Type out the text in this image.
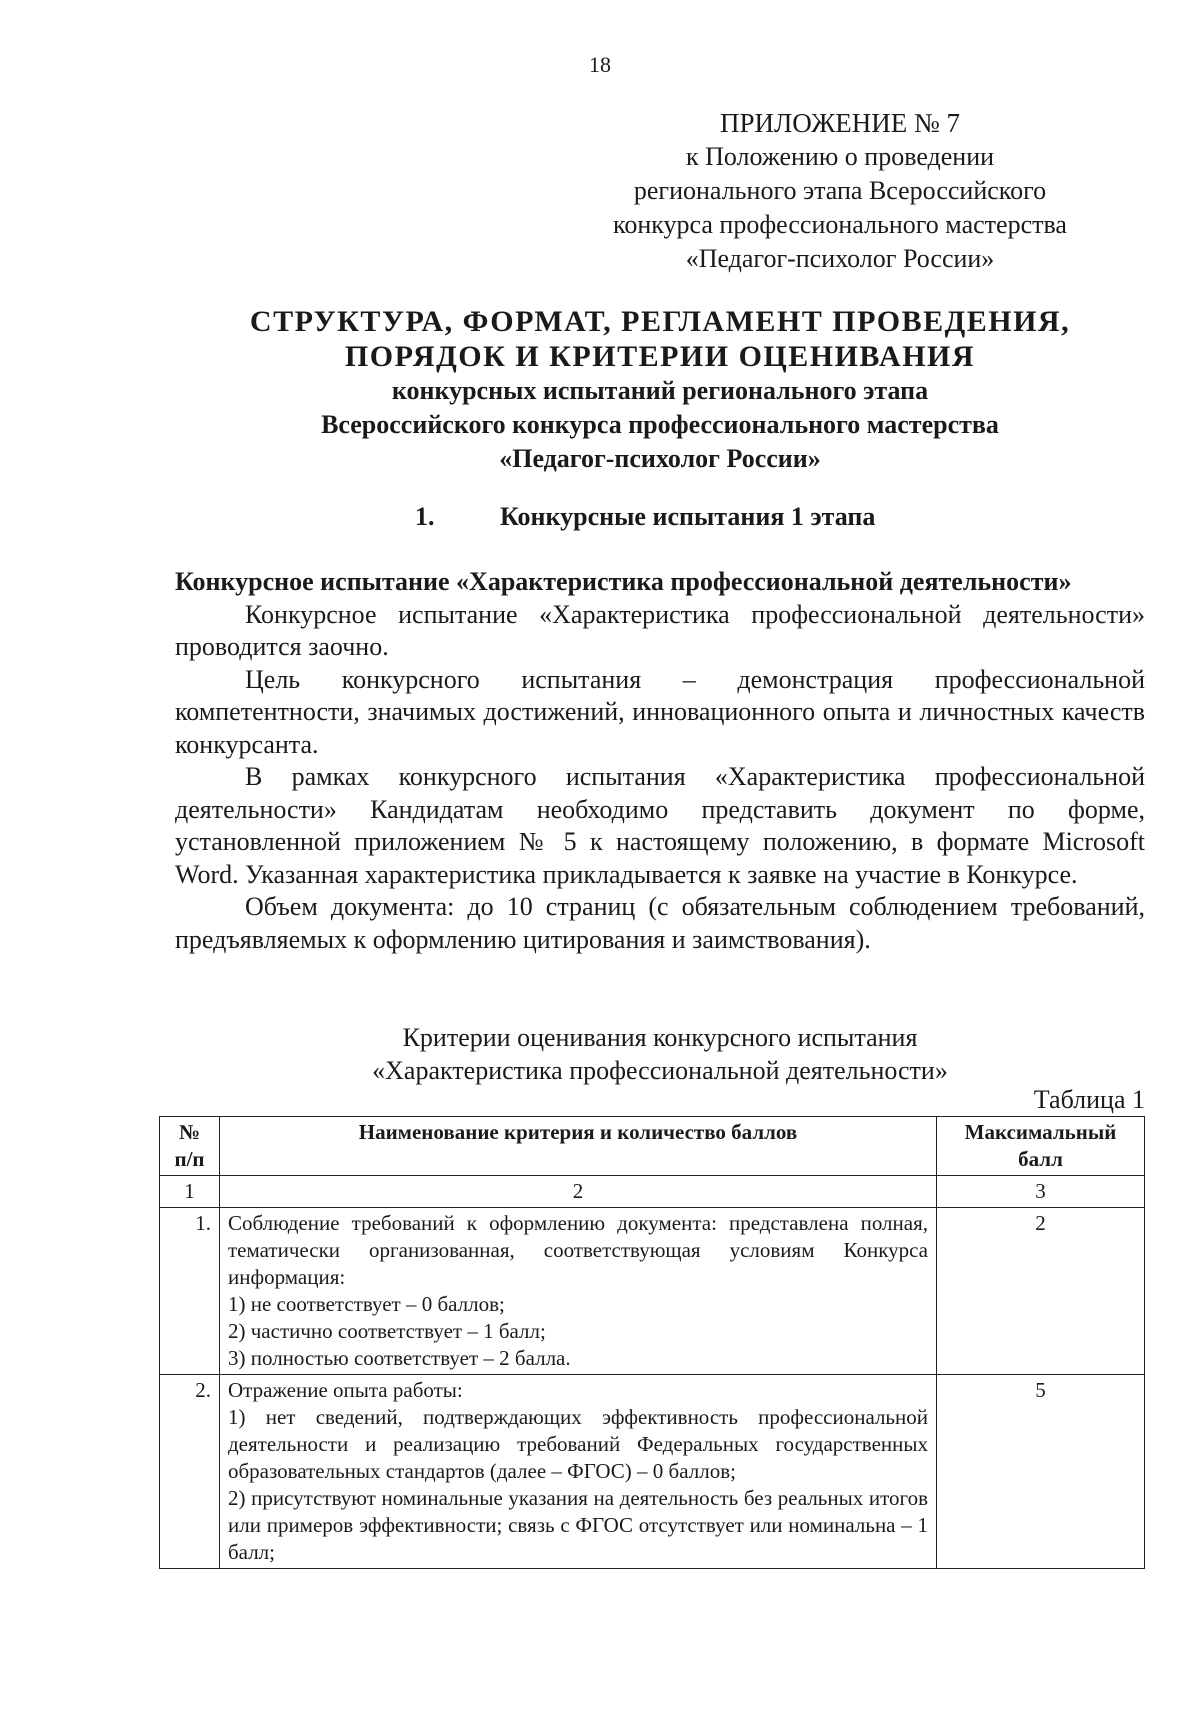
18
ПРИЛОЖЕНИЕ № 7
к Положению о проведении
регионального этапа Всероссийского
конкурса профессионального мастерства
«Педагог-психолог России»
СТРУКТУРА, ФОРМАТ, РЕГЛАМЕНТ ПРОВЕДЕНИЯ,
ПОРЯДОК И КРИТЕРИИ ОЦЕНИВАНИЯ
конкурсных испытаний регионального этапа
Всероссийского конкурса профессионального мастерства
«Педагог-психолог России»
1.	Конкурсные испытания 1 этапа
Конкурсное испытание «Характеристика профессиональной деятельности»

Конкурсное испытание «Характеристика профессиональной деятельности» проводится заочно.

Цель конкурсного испытания – демонстрация профессиональной компетентности, значимых достижений, инновационного опыта и личностных качеств конкурсанта.

В рамках конкурсного испытания «Характеристика профессиональной деятельности» Кандидатам необходимо представить документ по форме, установленной приложением № 5 к настоящему положению, в формате Microsoft Word. Указанная характеристика прикладывается к заявке на участие в Конкурсе.

Объем документа: до 10 страниц (с обязательным соблюдением требований, предъявляемых к оформлению цитирования и заимствования).

Критерии оценивания конкурсного испытания
«Характеристика профессиональной деятельности»
Таблица 1
№ п/п	Наименование критерия и количество баллов	Максимальный балл
1	2	3
1.	Соблюдение требований к оформлению документа: представлена полная, тематически организованная, соответствующая условиям Конкурса информация:
1) не соответствует – 0 баллов;
2) частично соответствует – 1 балл;
3) полностью соответствует – 2 балла.	2
2.	Отражение опыта работы:
1) нет сведений, подтверждающих эффективность профессиональной деятельности и реализацию требований Федеральных государственных образовательных стандартов (далее – ФГОС) – 0 баллов;
2) присутствуют номинальные указания на деятельность без реальных итогов или примеров эффективности; связь с ФГОС отсутствует или номинальна – 1 балл;	5
